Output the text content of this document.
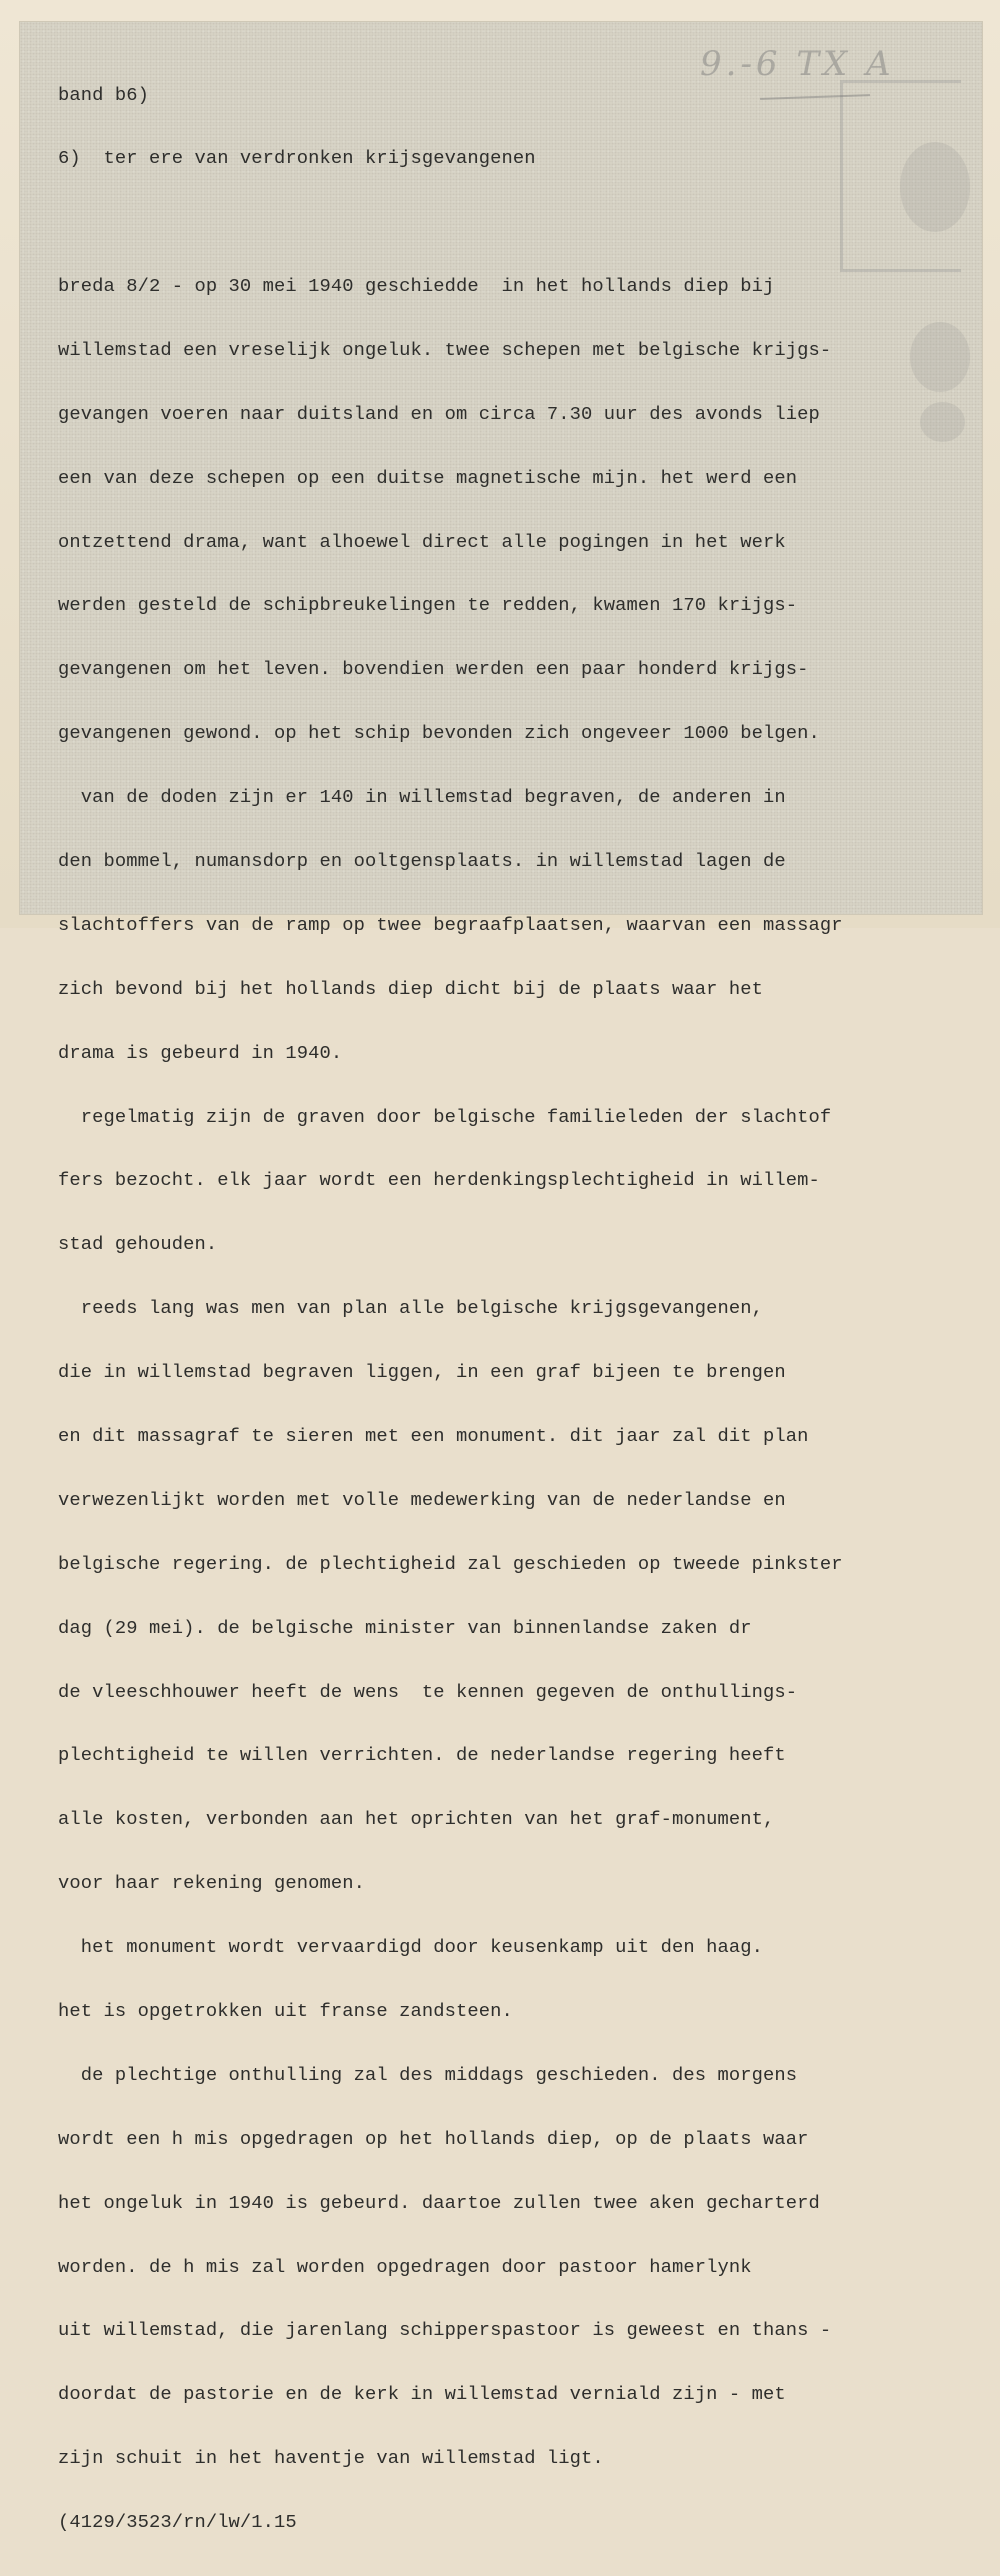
9.-6 TX A

band b6)

6)  ter ere van verdronken krijsgevangenen

breda 8/2 - op 30 mei 1940 geschiedde  in het hollands diep bij

willemstad een vreselijk ongeluk. twee schepen met belgische krijgs-

gevangen voeren naar duitsland en om circa 7.30 uur des avonds liep

een van deze schepen op een duitse magnetische mijn. het werd een

ontzettend drama, want alhoewel direct alle pogingen in het werk

werden gesteld de schipbreukelingen te redden, kwamen 170 krijgs-

gevangenen om het leven. bovendien werden een paar honderd krijgs-

gevangenen gewond. op het schip bevonden zich ongeveer 1000 belgen.

van de doden zijn er 140 in willemstad begraven, de anderen in

den bommel, numansdorp en ooltgensplaats. in willemstad lagen de

slachtoffers van de ramp op twee begraafplaatsen, waarvan een massagr

zich bevond bij het hollands diep dicht bij de plaats waar het

drama is gebeurd in 1940.

regelmatig zijn de graven door belgische familieleden der slachtof

fers bezocht. elk jaar wordt een herdenkingsplechtigheid in willem-

stad gehouden.

reeds lang was men van plan alle belgische krijgsgevangenen,

die in willemstad begraven liggen, in een graf bijeen te brengen

en dit massagraf te sieren met een monument. dit jaar zal dit plan

verwezenlijkt worden met volle medewerking van de nederlandse en

belgische regering. de plechtigheid zal geschieden op tweede pinkster

dag (29 mei). de belgische minister van binnenlandse zaken dr

de vleeschhouwer heeft de wens  te kennen gegeven de onthullings-

plechtigheid te willen verrichten. de nederlandse regering heeft

alle kosten, verbonden aan het oprichten van het graf-monument,

voor haar rekening genomen.

het monument wordt vervaardigd door keusenkamp uit den haag.

het is opgetrokken uit franse zandsteen.

de plechtige onthulling zal des middags geschieden. des morgens

wordt een h mis opgedragen op het hollands diep, op de plaats waar

het ongeluk in 1940 is gebeurd. daartoe zullen twee aken gecharterd

worden. de h mis zal worden opgedragen door pastoor hamerlynk

uit willemstad, die jarenlang schipperspastoor is geweest en thans -

doordat de pastorie en de kerk in willemstad verniald zijn - met

zijn schuit in het haventje van willemstad ligt.

(4129/3523/rn/lw/1.15
